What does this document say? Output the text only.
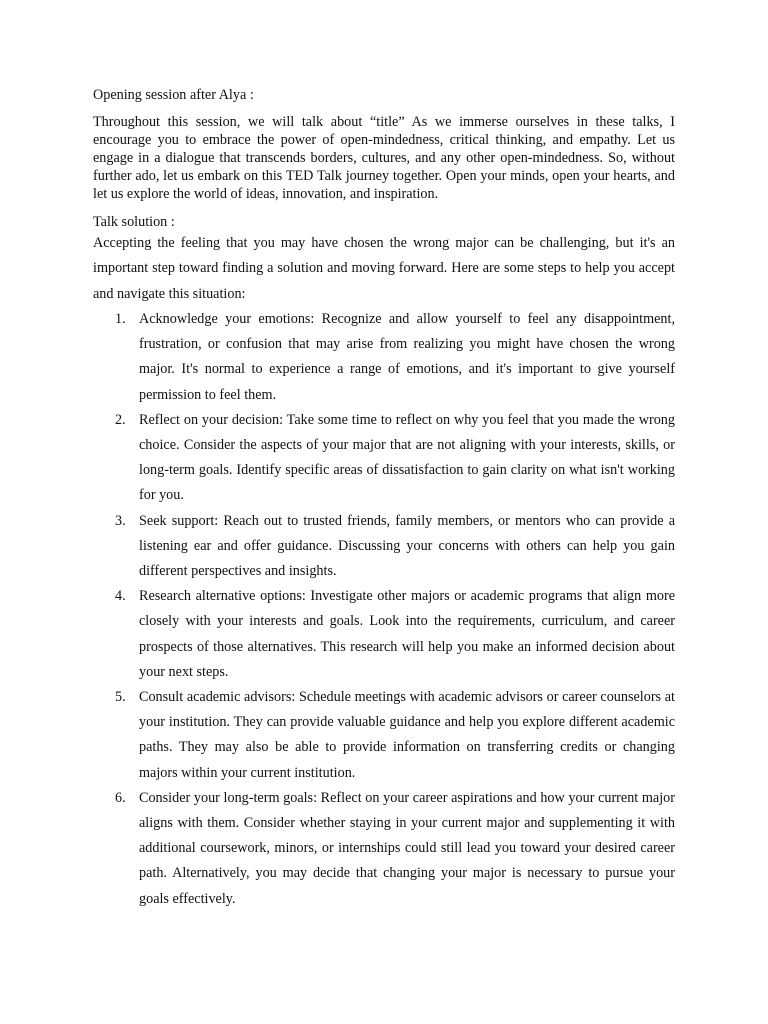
Opening session after Alya :

Throughout this session, we will talk about “title” As we immerse ourselves in these talks, I encourage you to embrace the power of open-mindedness, critical thinking, and empathy. Let us engage in a dialogue that transcends borders, cultures, and any other open-mindedness. So, without further ado, let us embark on this TED Talk journey together. Open your minds, open your hearts, and let us explore the world of ideas, innovation, and inspiration.

Talk solution :

Accepting the feeling that you may have chosen the wrong major can be challenging, but it's an important step toward finding a solution and moving forward. Here are some steps to help you accept and navigate this situation:

1. Acknowledge your emotions: Recognize and allow yourself to feel any disappointment, frustration, or confusion that may arise from realizing you might have chosen the wrong major. It's normal to experience a range of emotions, and it's important to give yourself permission to feel them.
2. Reflect on your decision: Take some time to reflect on why you feel that you made the wrong choice. Consider the aspects of your major that are not aligning with your interests, skills, or long-term goals. Identify specific areas of dissatisfaction to gain clarity on what isn't working for you.
3. Seek support: Reach out to trusted friends, family members, or mentors who can provide a listening ear and offer guidance. Discussing your concerns with others can help you gain different perspectives and insights.
4. Research alternative options: Investigate other majors or academic programs that align more closely with your interests and goals. Look into the requirements, curriculum, and career prospects of those alternatives. This research will help you make an informed decision about your next steps.
5. Consult academic advisors: Schedule meetings with academic advisors or career counselors at your institution. They can provide valuable guidance and help you explore different academic paths. They may also be able to provide information on transferring credits or changing majors within your current institution.
6. Consider your long-term goals: Reflect on your career aspirations and how your current major aligns with them. Consider whether staying in your current major and supplementing it with additional coursework, minors, or internships could still lead you toward your desired career path. Alternatively, you may decide that changing your major is necessary to pursue your goals effectively.
